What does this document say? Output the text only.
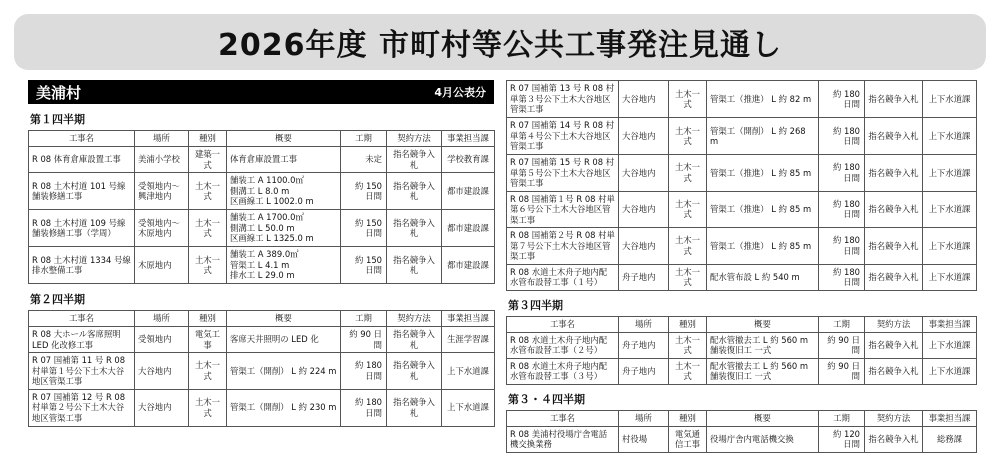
2026年度 市町村等公共工事発注見通し
美浦村	4月公表分
第１四半期
工事名	場所	種別	概要	工期	契約方法	事業担当課
R 08 体育倉庫設置工事	美浦小学校	建築一式	体育倉庫設置工事	未定	指名競争入札	学校教育課
R 08 土木村道 101 号線舗装修繕工事	受領地内～興津地内	土木一式	舗装工 A 1100.0㎡
側溝工 L 8.0 m
区画線工 L 1002.0 m	約 150 日間	指名競争入札	都市建設課
R 08 土木村道 109 号線舗装修繕工事（学周）	受領地内～木原地内	土木一式	舗装工 A 1700.0㎡
側溝工 L 50.0 m
区画線工 L 1325.0 m	約 150 日間	指名競争入札	都市建設課
R 08 土木村道 1334 号線排水整備工事	木原地内	土木一式	舗装工 A 389.0㎡
管渠工 L 4.1 m
排水工 L 29.0 m	約 150 日間	指名競争入札	都市建設課
第２四半期
工事名	場所	種別	概要	工期	契約方法	事業担当課
R 08 大ホール客席照明 LED 化改修工事	受領地内	電気工事	客席天井照明の LED 化	約 90 日間	指名競争入札	生涯学習課
R 07 国補第 11 号 R 08 村単第１号公下土木大谷地区管渠工事	大谷地内	土木一式	管渠工（開削） L 約 224 m	約 180 日間	指名競争入札	上下水道課
R 07 国補第 12 号 R 08 村単第２号公下土木大谷地区管渠工事	大谷地内	土木一式	管渠工（開削） L 約 230 m	約 180 日間	指名競争入札	上下水道課
R 07 国補第 13 号 R 08 村単第３号公下土木大谷地区管渠工事	大谷地内	土木一式	管渠工（推進） L 約 82 m	約 180 日間	指名競争入札	上下水道課
R 07 国補第 14 号 R 08 村単第４号公下土木大谷地区管渠工事	大谷地内	土木一式	管渠工（開削） L 約 268 m	約 180 日間	指名競争入札	上下水道課
R 07 国補第 15 号 R 08 村単第５号公下土木大谷地区管渠工事	大谷地内	土木一式	管渠工（推進） L 約 85 m	約 180 日間	指名競争入札	上下水道課
R 08 国補第１号 R 08 村単第６号公下土木大谷地区管渠工事	大谷地内	土木一式	管渠工（推進） L 約 85 m	約 180 日間	指名競争入札	上下水道課
R 08 国補第２号 R 08 村単第７号公下土木大谷地区管渠工事	大谷地内	土木一式	管渠工（推進） L 約 85 m	約 180 日間	指名競争入札	上下水道課
R 08 水道土木舟子地内配水管布設替工事（１号）	舟子地内	土木一式	配水管布設 L 約 540 m	約 180 日間	指名競争入札	上下水道課
第３四半期
工事名	場所	種別	概要	工期	契約方法	事業担当課
R 08 水道土木舟子地内配水管布設替工事（２号）	舟子地内	土木一式	配水管撤去工 L 約 560 m
舗装復旧工 一式	約 90 日間	指名競争入札	上下水道課
R 08 水道土木舟子地内配水管布設替工事（３号）	舟子地内	土木一式	配水管撤去工 L 約 560 m
舗装復旧工 一式	約 90 日間	指名競争入札	上下水道課
第３・４四半期
工事名	場所	種別	概要	工期	契約方法	事業担当課
R 08 美浦村役場庁舎電話機交換業務	村役場	電気通信工事	役場庁舎内電話機交換	約 120 日間	指名競争入札	総務課
